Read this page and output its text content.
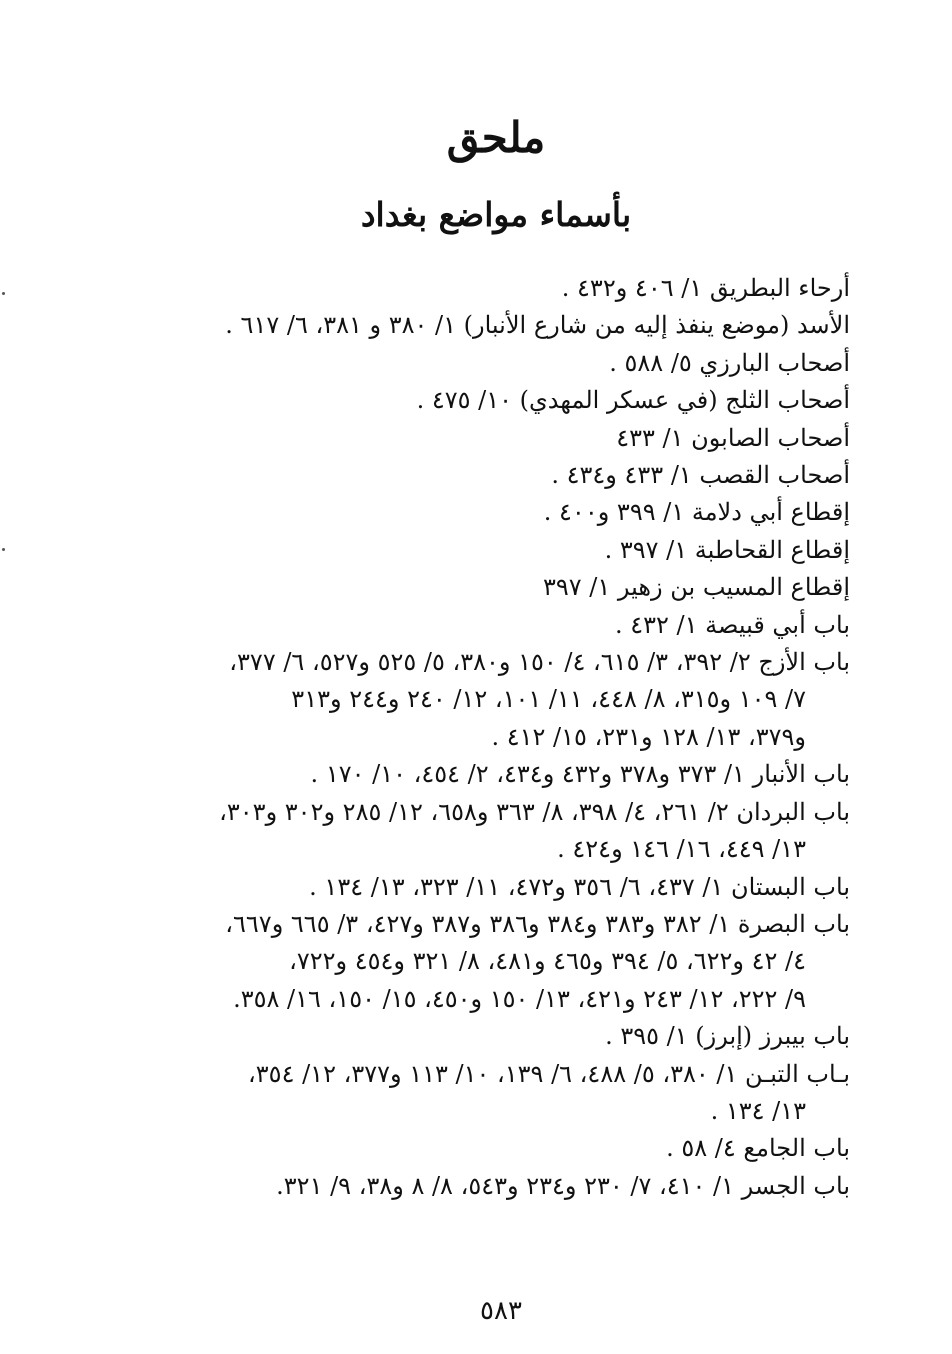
ملحق
بأسماء مواضع بغداد
أرحاء البطريق ١/ ٤٠٦ و٤٣٢ .
الأسد (موضع ينفذ إليه من شارع الأنبار) ١/ ٣٨٠ و ٣٨١، ٦/ ٦١٧ .
أصحاب البارزي ٥/ ٥٨٨ .
أصحاب الثلج (في عسكر المهدي) ١٠/ ٤٧٥ .
أصحاب الصابون ١/ ٤٣٣
أصحاب القصب ١/ ٤٣٣ و٤٣٤ .
إقطاع أبي دلامة ١/ ٣٩٩ و٤٠٠ .
إقطاع القحاطبة ١/ ٣٩٧ .
إقطاع المسيب بن زهير ١/ ٣٩٧
باب أبي قبيصة ١/ ٤٣٢ .
باب الأزج ٢/ ٣٩٢، ٣/ ٦١٥، ٤/ ١٥٠ و٣٨٠، ٥/ ٥٢٥ و٥٢٧، ٦/ ٣٧٧،
٧/ ١٠٩ و٣١٥، ٨/ ٤٤٨، ١١/ ١٠١، ١٢/ ٢٤٠ و٢٤٤ و٣١٣
و٣٧٩، ١٣/ ١٢٨ و٢٣١، ١٥/ ٤١٢ .
باب الأنبار ١/ ٣٧٣ و٣٧٨ و٤٣٢ و٤٣٤، ٢/ ٤٥٤، ١٠/ ١٧٠ .
باب البردان ٢/ ٢٦١، ٤/ ٣٩٨، ٨/ ٣٦٣ و٦٥٨، ١٢/ ٢٨٥ و٣٠٢ و٣٠٣،
١٣/ ٤٤٩، ١٦/ ١٤٦ و٤٢٤ .
باب البستان ١/ ٤٣٧، ٦/ ٣٥٦ و٤٧٢، ١١/ ٣٢٣، ١٣/ ١٣٤ .
باب البصرة ١/ ٣٨٢ و٣٨٣ و٣٨٤ و٣٨٦ و٣٨٧ و٤٢٧، ٣/ ٦٦٥ و٦٦٧،
٤/ ٤٢ و٦٢٢، ٥/ ٣٩٤ و٤٦٥ و٤٨١، ٨/ ٣٢١ و٤٥٤ و٧٢٢،
٩/ ٢٢٢، ١٢/ ٢٤٣ و٤٢١، ١٣/ ١٥٠ و٤٥٠، ١٥/ ١٥٠، ١٦/ ٣٥٨.
باب بيبرز (إبرز) ١/ ٣٩٥ .
بـاب التبـن ١/ ٣٨٠، ٥/ ٤٨٨، ٦/ ١٣٩، ١٠/ ١١٣ و٣٧٧، ١٢/ ٣٥٤،
١٣/ ١٣٤ .
باب الجامع ٤/ ٥٨ .
باب الجسر ١/ ٤١٠، ٧/ ٢٣٠ و٢٣٤ و٥٤٣، ٨/ ٨ و٣٨، ٩/ ٣٢١.
٥٨٣
